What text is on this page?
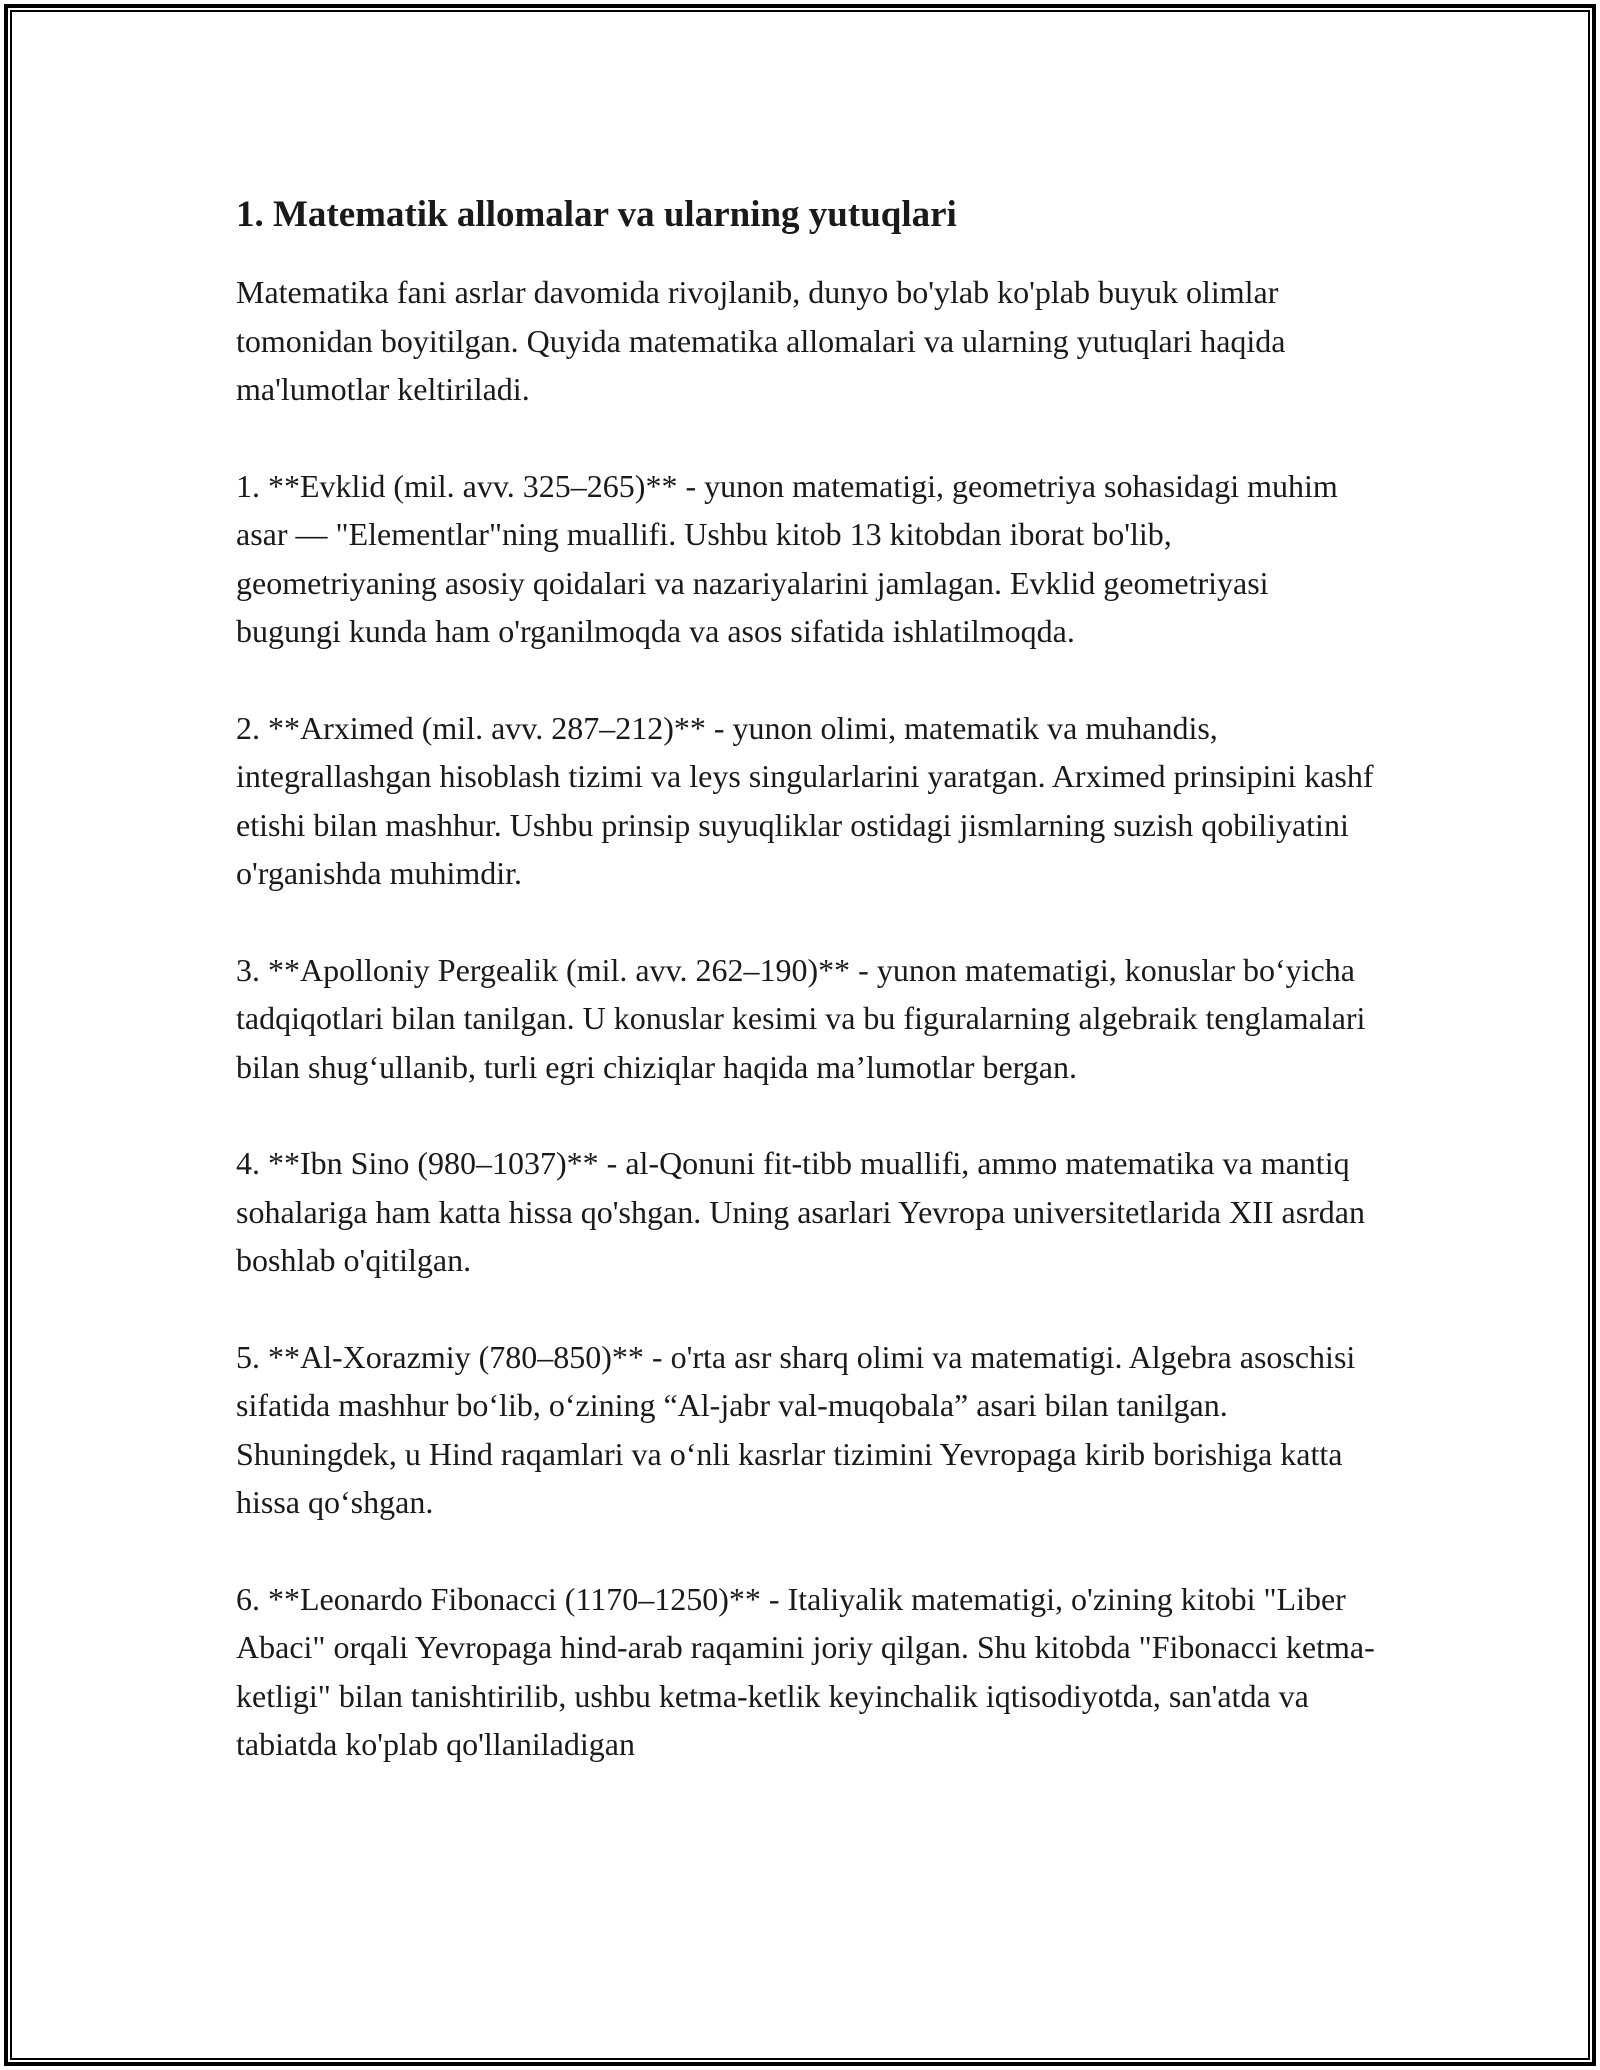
1. Matematik allomalar va ularning yutuqlari

Matematika fani asrlar davomida rivojlanib, dunyo bo'ylab ko'plab buyuk olimlar tomonidan boyitilgan. Quyida matematika allomalari va ularning yutuqlari haqida ma'lumotlar keltiriladi.

1. **Evklid (mil. avv. 325–265)** - yunon matematigi, geometriya sohasidagi muhim asar — "Elementlar"ning muallifi. Ushbu kitob 13 kitobdan iborat bo'lib, geometriyaning asosiy qoidalari va nazariyalarini jamlagan. Evklid geometriyasi bugungi kunda ham o'rganilmoqda va asos sifatida ishlatilmoqda.

2. **Arximed (mil. avv. 287–212)** - yunon olimi, matematik va muhandis, integrallashgan hisoblash tizimi va leys singularlarini yaratgan. Arximed prinsipini kashf etishi bilan mashhur. Ushbu prinsip suyuqliklar ostidagi jismlarning suzish qobiliyatini o'rganishda muhimdir.

3. **Apolloniy Pergealik (mil. avv. 262–190)** - yunon matematigi, konuslar bo‘yicha tadqiqotlari bilan tanilgan. U konuslar kesimi va bu figuralarning algebraik tenglamalari bilan shug‘ullanib, turli egri chiziqlar haqida ma’lumotlar bergan.

4. **Ibn Sino (980–1037)** - al-Qonuni fit-tibb muallifi, ammo matematika va mantiq sohalariga ham katta hissa qo'shgan. Uning asarlari Yevropa universitetlarida XII asrdan boshlab o'qitilgan.

5. **Al-Xorazmiy (780–850)** - o'rta asr sharq olimi va matematigi. Algebra asoschisi sifatida mashhur bo‘lib, o‘zining “Al-jabr val-muqobala” asari bilan tanilgan. Shuningdek, u Hind raqamlari va o‘nli kasrlar tizimini Yevropaga kirib borishiga katta hissa qo‘shgan.

6. **Leonardo Fibonacci (1170–1250)** - Italiyalik matematigi, o'zining kitobi "Liber Abaci" orqali Yevropaga hind-arab raqamini joriy qilgan. Shu kitobda "Fibonacci ketma-ketligi" bilan tanishtirilib, ushbu ketma-ketlik keyinchalik iqtisodiyotda, san'atda va tabiatda ko'plab qo'llaniladigan
